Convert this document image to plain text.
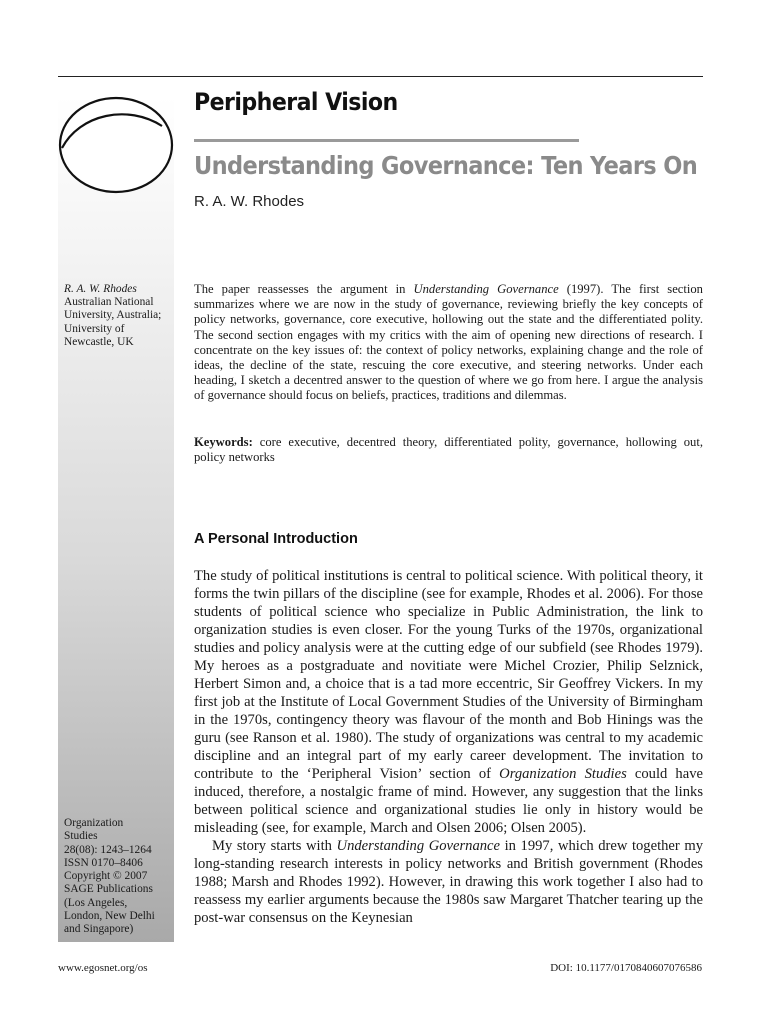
Peripheral Vision
Understanding Governance: Ten Years On
R. A. W. Rhodes
R. A. W. Rhodes
Australian National University, Australia; University of Newcastle, UK
Organization
Studies
28(08): 1243–1264
ISSN 0170–8406
Copyright © 2007
SAGE Publications
(Los Angeles,
London, New Delhi
and Singapore)
The paper reassesses the argument in Understanding Governance (1997). The first section summarizes where we are now in the study of governance, reviewing briefly the key concepts of policy networks, governance, core executive, hollowing out the state and the differentiated polity. The second section engages with my critics with the aim of opening new directions of research. I concentrate on the key issues of: the context of policy networks, explaining change and the role of ideas, the decline of the state, rescuing the core executive, and steering networks. Under each heading, I sketch a decentred answer to the question of where we go from here. I argue the analysis of governance should focus on beliefs, practices, traditions and dilemmas.
Keywords: core executive, decentred theory, differentiated polity, governance, hollowing out, policy networks
A Personal Introduction

The study of political institutions is central to political science. With political theory, it forms the twin pillars of the discipline (see for example, Rhodes et al. 2006). For those students of political science who specialize in Public Administration, the link to organization studies is even closer. For the young Turks of the 1970s, organizational studies and policy analysis were at the cutting edge of our subfield (see Rhodes 1979). My heroes as a postgraduate and novitiate were Michel Crozier, Philip Selznick, Herbert Simon and, a choice that is a tad more eccentric, Sir Geoffrey Vickers. In my first job at the Institute of Local Government Studies of the University of Birmingham in the 1970s, contingency theory was flavour of the month and Bob Hinings was the guru (see Ranson et al. 1980). The study of organizations was central to my academic discipline and an integral part of my early career development. The invitation to contribute to the ‘Peripheral Vision’ section of Organization Studies could have induced, therefore, a nostalgic frame of mind. However, any suggestion that the links between political science and organizational studies lie only in history would be misleading (see, for example, March and Olsen 2006; Olsen 2005).

My story starts with Understanding Governance in 1997, which drew together my long-standing research interests in policy networks and British government (Rhodes 1988; Marsh and Rhodes 1992). However, in drawing this work together I also had to reassess my earlier arguments because the 1980s saw Margaret Thatcher tearing up the post-war consensus on the Keynesian

www.egosnet.org/os	DOI: 10.1177/0170840607076586
